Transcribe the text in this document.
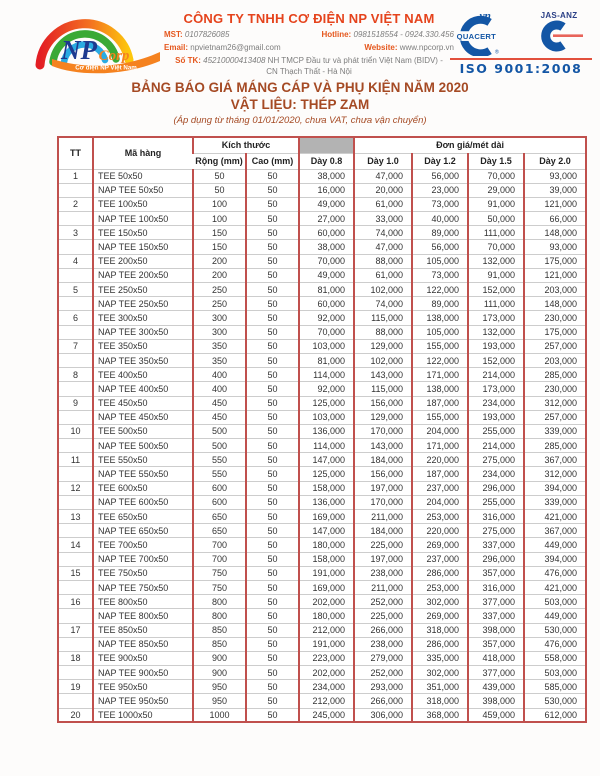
NP Corp
Cơ điện NP Việt Nam
CÔNG TY TNHH CƠ ĐIỆN NP VIỆT NAM
MST: 0107826085	Hotline: 0981518554 - 0924.330.456
Email: npvietnam26@gmail.com	Website: www.npcorp.vn
Số TK: 45210000413408 NH TMCP Đầu tư và phát triển Việt Nam (BIDV) - CN Thạch Thất - Hà Nội
vn
QUACERT
®
JAS-ANZ
ISO 9001:2008
BẢNG BÁO GIÁ MÁNG CÁP VÀ PHỤ KIỆN NĂM 2020
VẬT LIỆU: THÉP ZAM
(Áp dụng từ tháng 01/01/2020, chưa VAT, chưa vận chuyển)
TT	Mã hàng	Kích thước			Đơn giá/mét dài			
		Rộng (mm)	Cao (mm)	Dày 0.8	Dày 1.0	Dày 1.2	Dày 1.5	Dày 2.0
1	TEE 50x50	50	50	38,000	47,000	56,000	70,000	93,000
	NAP TEE 50x50	50	50	16,000	20,000	23,000	29,000	39,000
2	TEE 100x50	100	50	49,000	61,000	73,000	91,000	121,000
	NAP TEE 100x50	100	50	27,000	33,000	40,000	50,000	66,000
3	TEE 150x50	150	50	60,000	74,000	89,000	111,000	148,000
	NAP TEE 150x50	150	50	38,000	47,000	56,000	70,000	93,000
4	TEE 200x50	200	50	70,000	88,000	105,000	132,000	175,000
	NAP TEE 200x50	200	50	49,000	61,000	73,000	91,000	121,000
5	TEE 250x50	250	50	81,000	102,000	122,000	152,000	203,000
	NAP TEE 250x50	250	50	60,000	74,000	89,000	111,000	148,000
6	TEE 300x50	300	50	92,000	115,000	138,000	173,000	230,000
	NAP TEE 300x50	300	50	70,000	88,000	105,000	132,000	175,000
7	TEE 350x50	350	50	103,000	129,000	155,000	193,000	257,000
	NAP TEE 350x50	350	50	81,000	102,000	122,000	152,000	203,000
8	TEE 400x50	400	50	114,000	143,000	171,000	214,000	285,000
	NAP TEE 400x50	400	50	92,000	115,000	138,000	173,000	230,000
9	TEE 450x50	450	50	125,000	156,000	187,000	234,000	312,000
	NAP TEE 450x50	450	50	103,000	129,000	155,000	193,000	257,000
10	TEE 500x50	500	50	136,000	170,000	204,000	255,000	339,000
	NAP TEE 500x50	500	50	114,000	143,000	171,000	214,000	285,000
11	TEE 550x50	550	50	147,000	184,000	220,000	275,000	367,000
	NAP TEE 550x50	550	50	125,000	156,000	187,000	234,000	312,000
12	TEE 600x50	600	50	158,000	197,000	237,000	296,000	394,000
	NAP TEE 600x50	600	50	136,000	170,000	204,000	255,000	339,000
13	TEE 650x50	650	50	169,000	211,000	253,000	316,000	421,000
	NAP TEE 650x50	650	50	147,000	184,000	220,000	275,000	367,000
14	TEE 700x50	700	50	180,000	225,000	269,000	337,000	449,000
	NAP TEE 700x50	700	50	158,000	197,000	237,000	296,000	394,000
15	TEE 750x50	750	50	191,000	238,000	286,000	357,000	476,000
	NAP TEE 750x50	750	50	169,000	211,000	253,000	316,000	421,000
16	TEE 800x50	800	50	202,000	252,000	302,000	377,000	503,000
	NAP TEE 800x50	800	50	180,000	225,000	269,000	337,000	449,000
17	TEE 850x50	850	50	212,000	266,000	318,000	398,000	530,000
	NAP TEE 850x50	850	50	191,000	238,000	286,000	357,000	476,000
18	TEE 900x50	900	50	223,000	279,000	335,000	418,000	558,000
	NAP TEE 900x50	900	50	202,000	252,000	302,000	377,000	503,000
19	TEE 950x50	950	50	234,000	293,000	351,000	439,000	585,000
	NAP TEE 950x50	950	50	212,000	266,000	318,000	398,000	530,000
20	TEE 1000x50	1000	50	245,000	306,000	368,000	459,000	612,000
